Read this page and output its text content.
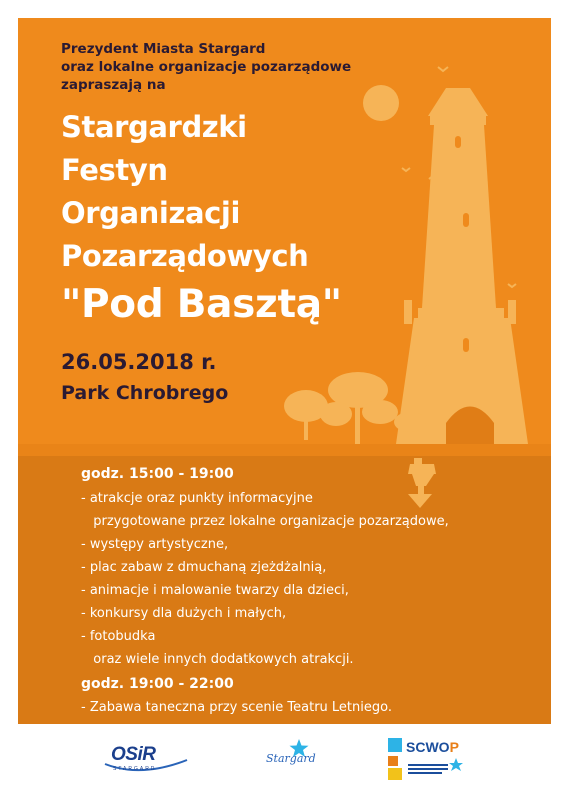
Prezydent Miasta Stargard
oraz lokalne organizacje pozarządowe
zapraszają na
Stargardzki
Festyn
Organizacji
Pozarządowych
"Pod Basztą"
26.05.2018 r.
Park Chrobrego
godz. 15:00 - 19:00
- atrakcje oraz punkty informacyjne
przygotowane przez lokalne organizacje pozarządowe,
- występy artystyczne,
- plac zabaw z dmuchaną zjeżdżalnią,
- animacje i malowanie twarzy dla dzieci,
- konkursy dla dużych i małych,
- fotobudka
oraz wiele innych dodatkowych atrakcji.
godz. 19:00 - 22:00
- Zabawa taneczna przy scenie Teatru Letniego.
OSiR
STARGARD
Stargard
SCWOP
